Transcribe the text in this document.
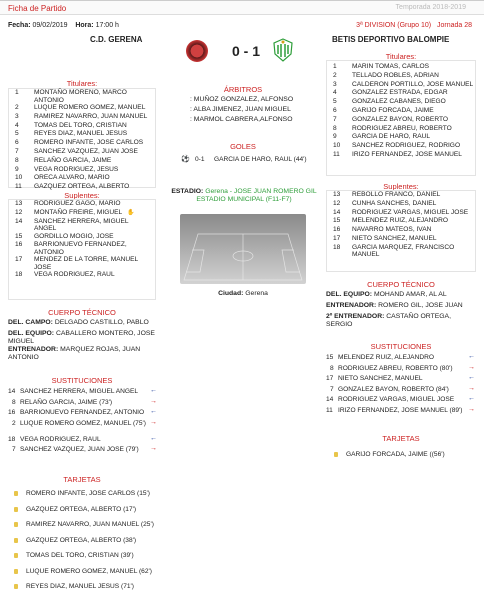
Ficha de Partido	Temporada 2018-2019
Fecha: 09/02/2019 Hora: 17:00 h	3ª DIVISION (Grupo 10) Jornada 28
C.D. GERENA	BETIS DEPORTIVO BALOMPIE
0 - 1
Titulares:
1	MONTAÑO MORENO, MARCO ANTONIO
2	LUQUE ROMERO GOMEZ, MANUEL
3	RAMIREZ NAVARRO, JUAN MANUEL
4	TOMAS DEL TORO, CRISTIAN
5	REYES DIAZ, MANUEL JESUS
6	ROMERO INFANTE, JOSE CARLOS
7	SANCHEZ VAZQUEZ, JUAN JOSE
8	RELAÑO GARCIA, JAIME
9	VEGA RODRIGUEZ, JESUS
10	ORECA ALVARO, MARIO
11	GAZQUEZ ORTEGA, ALBERTO
Suplentes:
13	RODRIGUEZ GAGO, MARIO
12	MONTAÑO FREIRE, MIGUEL ✋
14	SANCHEZ HERRERA, MIGUEL ANGEL
15	GORDILLO MOGIO, JOSE
16	BARRIONUEVO FERNANDEZ, ANTONIO
17	MENDEZ DE LA TORRE, MANUEL JOSE
18	VEGA RODRIGUEZ, RAUL
CUERPO TÉCNICO
DEL. CAMPO: DELGADO CASTILLO, PABLO
DEL. EQUIPO: CABALLERO MONTERO, JOSE MIGUEL
ENTRENADOR: MARQUEZ ROJAS, JUAN ANTONIO
SUSTITUCIONES
14 SANCHEZ HERRERA, MIGUEL ANGEL	←
8 RELAÑO GARCIA, JAIME (73')	→
16 BARRIONUEVO FERNANDEZ, ANTONIO ←
2 LUQUE ROMERO GOMEZ, MANUEL (75') →
18 VEGA RODRIGUEZ, RAUL	←
7 SANCHEZ VAZQUEZ, JUAN JOSE (79')	→
TARJETAS
ROMERO INFANTE, JOSE CARLOS (15')
GAZQUEZ ORTEGA, ALBERTO (17')
RAMIREZ NAVARRO, JUAN MANUEL (25')
GAZQUEZ ORTEGA, ALBERTO (38')
TOMAS DEL TORO, CRISTIAN (39')
LUQUE ROMERO GOMEZ, MANUEL (62')
REYES DIAZ, MANUEL JESUS (71')
ÁRBITROS
: MUÑOZ GONZALEZ, ALFONSO
: ALBA JIMENEZ, JUAN MIGUEL
: MARMOL CABRERA,ALFONSO
GOLES
⚽ 0-1 GARCIA DE HARO, RAUL (44')
ESTADIO: Gerena - JOSE JUAN ROMERO GIL ESTADIO MUNICIPAL (F11-F7)
Ciudad: Gerena
Titulares:
1	MARIN TOMAS, CARLOS
2	TELLADO ROBLES, ADRIAN
3	CALDERON PORTILLO, JOSE MANUEL
4	GONZALEZ ESTRADA, EDGAR
5	GONZALEZ CABANES, DIEGO
6	GARIJO FORCADA, JAIME
7	GONZALEZ BAYON, ROBERTO
8	RODRIGUEZ ABREU, ROBERTO
9	GARCIA DE HARO, RAUL
10	SANCHEZ RODRIGUEZ, RODRIGO
11	IRIZO FERNANDEZ, JOSE MANUEL
Suplentes:
13	REBOLLO FRANCO, DANIEL
12	CUNHA SANCHES, DANIEL
14	RODRIGUEZ VARGAS, MIGUEL JOSE
15	MELENDEZ RUIZ, ALEJANDRO
16	NAVARRO MATEOS, IVAN
17	NIETO SANCHEZ, MANUEL
18	GARCIA MARQUEZ, FRANCISCO MANUEL
CUERPO TÉCNICO
DEL. EQUIPO: MOHAND AMAR, AL AL
ENTRENADOR: ROMERO GIL, JOSE JUAN
2º ENTRENADOR: CASTAÑO ORTEGA, SERGIO
SUSTITUCIONES
15 MELENDEZ RUIZ, ALEJANDRO	←
8 RODRIGUEZ ABREU, ROBERTO (80')	→
17 NIETO SANCHEZ, MANUEL	←
7 GONZALEZ BAYON, ROBERTO (84')	→
14 RODRIGUEZ VARGAS, MIGUEL JOSE	←
11 IRIZO FERNANDEZ, JOSE MANUEL (89') →
TARJETAS
GARIJO FORCADA, JAIME ((56')
